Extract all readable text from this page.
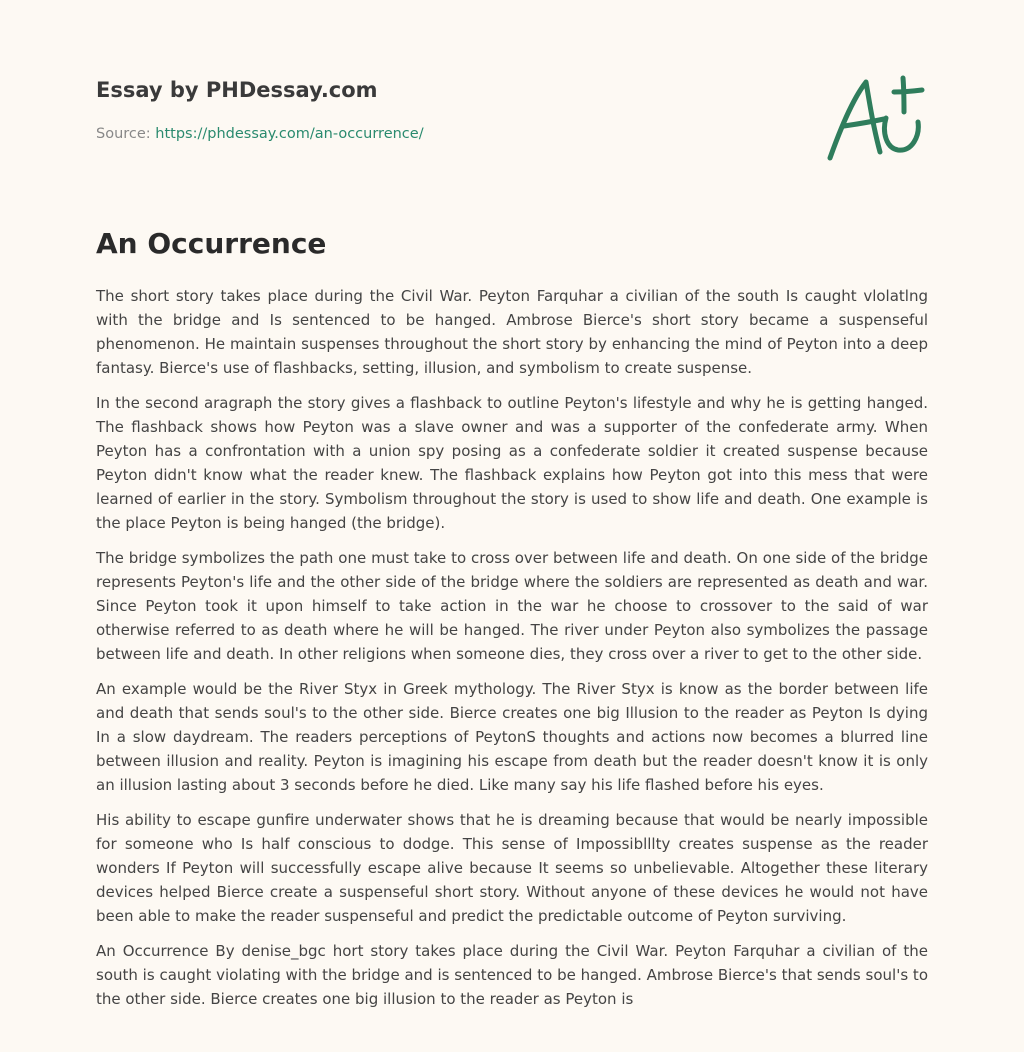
Essay by PHDessay.com
Source: https://phdessay.com/an-occurrence/
An Occurrence

The short story takes place during the Civil War. Peyton Farquhar a civilian of the south Is caught vlolatlng with the bridge and Is sentenced to be hanged. Ambrose Bierce's short story became a suspenseful phenomenon. He maintain suspenses throughout the short story by enhancing the mind of Peyton into a deep fantasy. Bierce's use of flashbacks, setting, illusion, and symbolism to create suspense.

In the second aragraph the story gives a flashback to outline Peyton's lifestyle and why he is getting hanged. The flashback shows how Peyton was a slave owner and was a supporter of the confederate army. When Peyton has a confrontation with a union spy posing as a confederate soldier it created suspense because Peyton didn't know what the reader knew. The flashback explains how Peyton got into this mess that were learned of earlier in the story. Symbolism throughout the story is used to show life and death. One example is the place Peyton is being hanged (the bridge).

The bridge symbolizes the path one must take to cross over between life and death. On one side of the bridge represents Peyton's life and the other side of the bridge where the soldiers are represented as death and war. Since Peyton took it upon himself to take action in the war he choose to crossover to the said of war otherwise referred to as death where he will be hanged. The river under Peyton also symbolizes the passage between life and death. In other religions when someone dies, they cross over a river to get to the other side.

An example would be the River Styx in Greek mythology. The River Styx is know as the border between life and death that sends soul's to the other side. Bierce creates one big Illusion to the reader as Peyton Is dying In a slow daydream. The readers perceptions of PeytonS thoughts and actions now becomes a blurred line between illusion and reality. Peyton is imagining his escape from death but the reader doesn't know it is only an illusion lasting about 3 seconds before he died. Like many say his life flashed before his eyes.

His ability to escape gunfire underwater shows that he is dreaming because that would be nearly impossible for someone who Is half conscious to dodge. This sense of Impossiblllty creates suspense as the reader wonders If Peyton will successfully escape alive because It seems so unbelievable. Altogether these literary devices helped Bierce create a suspenseful short story. Without anyone of these devices he would not have been able to make the reader suspenseful and predict the predictable outcome of Peyton surviving.

An Occurrence By denise_bgc hort story takes place during the Civil War. Peyton Farquhar a civilian of the south is caught violating with the bridge and is sentenced to be hanged. Ambrose Bierce's that sends soul's to the other side. Bierce creates one big illusion to the reader as Peyton is
